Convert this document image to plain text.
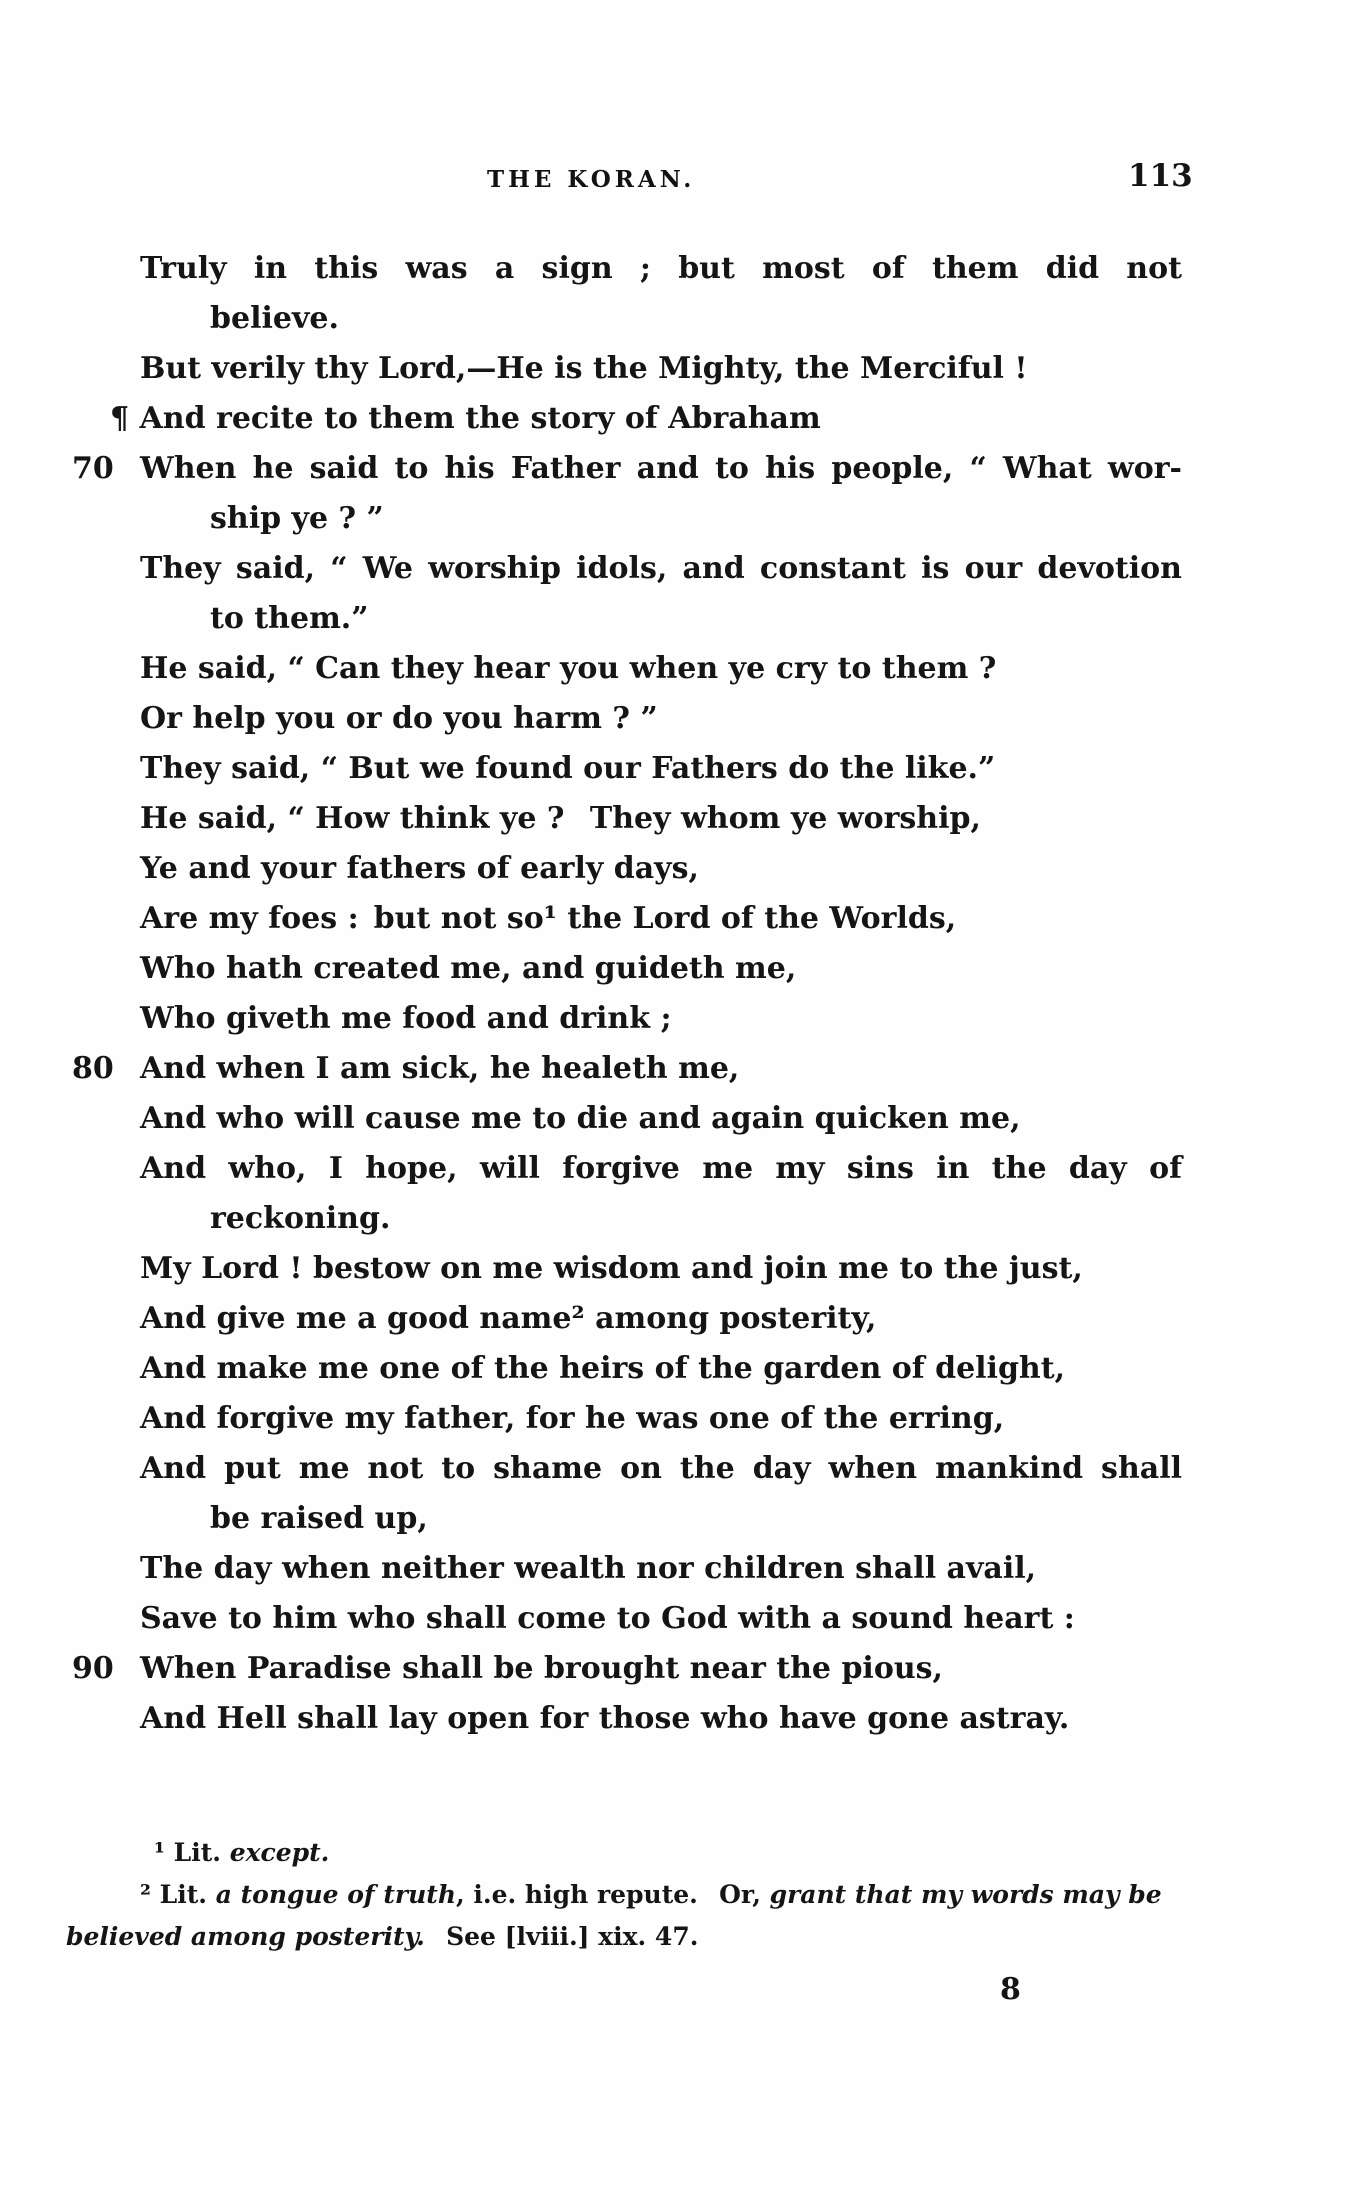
THE KORAN.	113
Truly in this was a sign ; but most of them did not
believe.
But verily thy Lord,—He is the Mighty, the Merciful !
¶ And recite to them the story of Abraham
70 When he said to his Father and to his people, “ What wor-
ship ye ? ”
They said, “ We worship idols, and constant is our devotion
to them.”
He said, “ Can they hear you when ye cry to them ?
Or help you or do you harm ? ”
They said, “ But we found our Fathers do the like.”
He said, “ How think ye ?  They whom ye worship,
Ye and your fathers of early days,
Are my foes : but not so¹ the Lord of the Worlds,
Who hath created me, and guideth me,
Who giveth me food and drink ;
80 And when I am sick, he healeth me,
And who will cause me to die and again quicken me,
And who, I hope, will forgive me my sins in the day of
reckoning.
My Lord ! bestow on me wisdom and join me to the just,
And give me a good name² among posterity,
And make me one of the heirs of the garden of delight,
And forgive my father, for he was one of the erring,
And put me not to shame on the day when mankind shall
be raised up,
The day when neither wealth nor children shall avail,
Save to him who shall come to God with a sound heart :
90 When Paradise shall be brought near the pious,
And Hell shall lay open for those who have gone astray.
¹ Lit. except.
² Lit. a tongue of truth, i.e. high repute.  Or, grant that my words may be
believed among posterity.  See [lviii.] xix. 47.
8
